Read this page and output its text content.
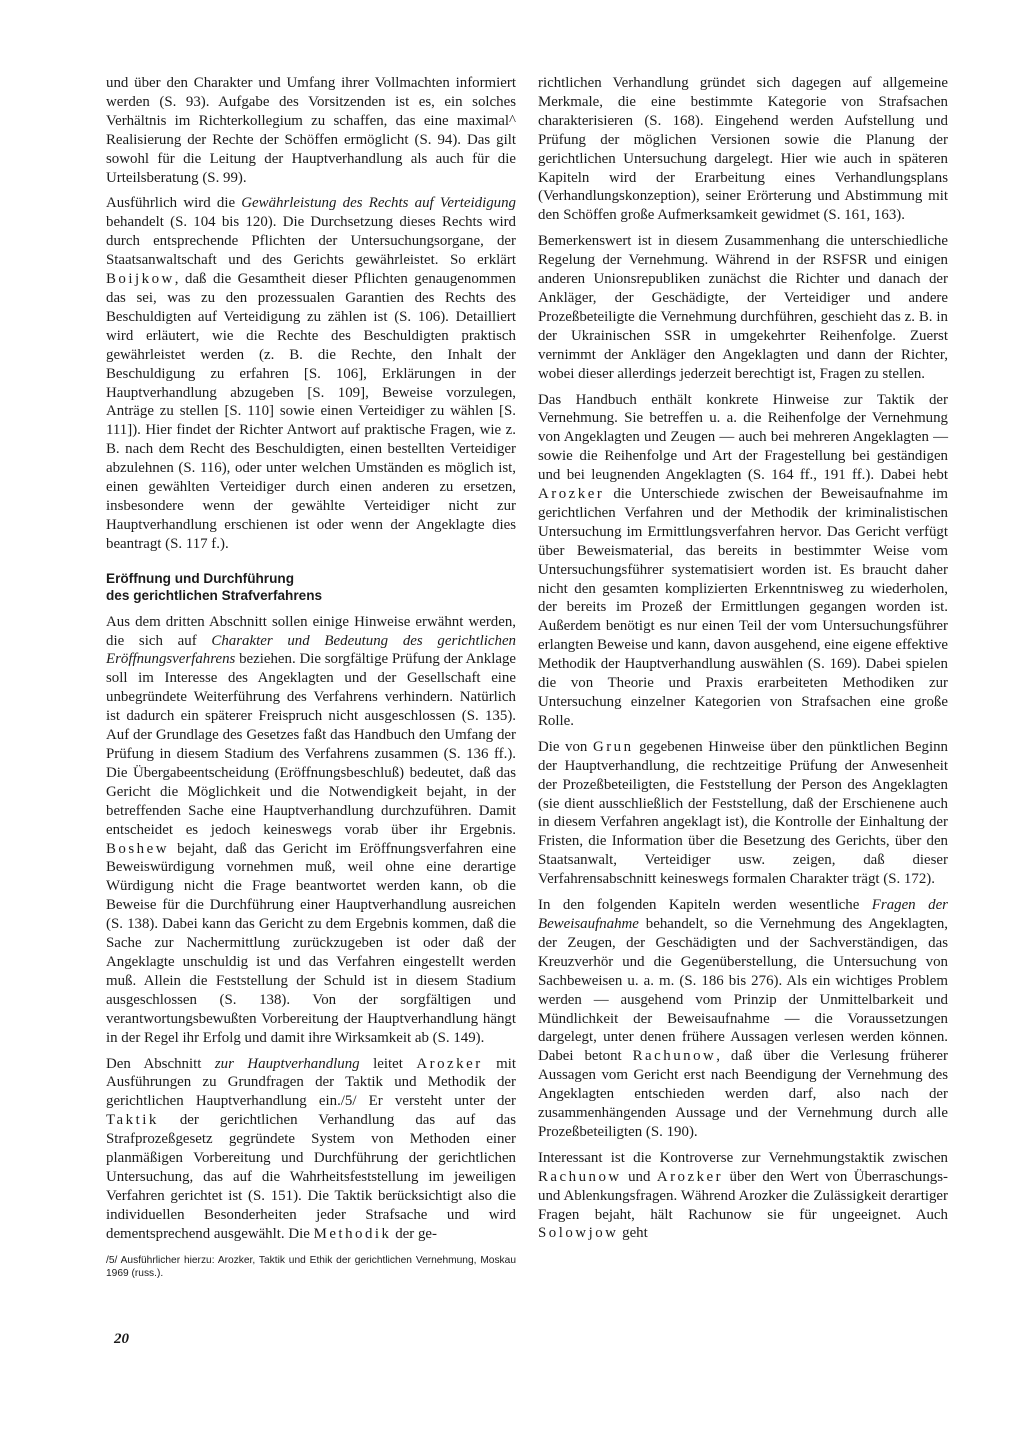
und über den Charakter und Umfang ihrer Vollmachten informiert werden (S. 93). Aufgabe des Vorsitzenden ist es, ein solches Verhältnis im Richterkollegium zu schaffen, das eine maximal^ Realisierung der Rechte der Schöffen ermöglicht (S. 94). Das gilt sowohl für die Leitung der Hauptverhandlung als auch für die Urteilsberatung (S. 99).

Ausführlich wird die Gewährleistung des Rechts auf Verteidigung behandelt (S. 104 bis 120). Die Durchsetzung dieses Rechts wird durch entsprechende Pflichten der Untersuchungsorgane, der Staatsanwaltschaft und des Gerichts gewährleistet. So erklärt Boijkow, daß die Gesamtheit dieser Pflichten genaugenommen das sei, was zu den prozessualen Garantien des Rechts des Beschuldigten auf Verteidigung zu zählen ist (S. 106). Detailliert wird erläutert, wie die Rechte des Beschuldigten praktisch gewährleistet werden (z. B. die Rechte, den Inhalt der Beschuldigung zu erfahren [S. 106], Erklärungen in der Hauptverhandlung abzugeben [S. 109], Beweise vorzulegen, Anträge zu stellen [S. 110] sowie einen Verteidiger zu wählen [S. 111]). Hier findet der Richter Antwort auf praktische Fragen, wie z. B. nach dem Recht des Beschuldigten, einen bestellten Verteidiger abzulehnen (S. 116), oder unter welchen Umständen es möglich ist, einen gewählten Verteidiger durch einen anderen zu ersetzen, insbesondere wenn der gewählte Verteidiger nicht zur Hauptverhandlung erschienen ist oder wenn der Angeklagte dies beantragt (S. 117 f.).

Eröffnung und Durchführung
des gerichtlichen Strafverfahrens

Aus dem dritten Abschnitt sollen einige Hinweise erwähnt werden, die sich auf Charakter und Bedeutung des gerichtlichen Eröffnungsverfahrens beziehen. Die sorgfältige Prüfung der Anklage soll im Interesse des Angeklagten und der Gesellschaft eine unbegründete Weiterführung des Verfahrens verhindern. Natürlich ist dadurch ein späterer Freispruch nicht ausgeschlossen (S. 135). Auf der Grundlage des Gesetzes faßt das Handbuch den Umfang der Prüfung in diesem Stadium des Verfahrens zusammen (S. 136 ff.). Die Übergabeentscheidung (Eröffnungsbeschluß) bedeutet, daß das Gericht die Möglichkeit und die Notwendigkeit bejaht, in der betreffenden Sache eine Hauptverhandlung durchzuführen. Damit entscheidet es jedoch keineswegs vorab über ihr Ergebnis. Boshew bejaht, daß das Gericht im Eröffnungsverfahren eine Beweiswürdigung vornehmen muß, weil ohne eine derartige Würdigung nicht die Frage beantwortet werden kann, ob die Beweise für die Durchführung einer Hauptverhandlung ausreichen (S. 138). Dabei kann das Gericht zu dem Ergebnis kommen, daß die Sache zur Nachermittlung zurückzugeben ist oder daß der Angeklagte unschuldig ist und das Verfahren eingestellt werden muß. Allein die Feststellung der Schuld ist in diesem Stadium ausgeschlossen (S. 138). Von der sorgfältigen und verantwortungsbewußten Vorbereitung der Hauptverhandlung hängt in der Regel ihr Erfolg und damit ihre Wirksamkeit ab (S. 149).

Den Abschnitt zur Hauptverhandlung leitet Arozker mit Ausführungen zu Grundfragen der Taktik und Methodik der gerichtlichen Hauptverhandlung ein./5/ Er versteht unter der Taktik der gerichtlichen Verhandlung das auf das Strafprozeßgesetz gegründete System von Methoden einer planmäßigen Vorbereitung und Durchführung der gerichtlichen Untersuchung, das auf die Wahrheitsfeststellung im jeweiligen Verfahren gerichtet ist (S. 151). Die Taktik berücksichtigt also die individuellen Besonderheiten jeder Strafsache und wird dementsprechend ausgewählt. Die Methodik der ge-

/5/ Ausführlicher hierzu: Arozker, Taktik und Ethik der gerichtlichen Vernehmung, Moskau 1969 (russ.).

richtlichen Verhandlung gründet sich dagegen auf allgemeine Merkmale, die eine bestimmte Kategorie von Strafsachen charakterisieren (S. 168). Eingehend werden Aufstellung und Prüfung der möglichen Versionen sowie die Planung der gerichtlichen Untersuchung dargelegt. Hier wie auch in späteren Kapiteln wird der Erarbeitung eines Verhandlungsplans (Verhandlungskonzeption), seiner Erörterung und Abstimmung mit den Schöffen große Aufmerksamkeit gewidmet (S. 161, 163).

Bemerkenswert ist in diesem Zusammenhang die unterschiedliche Regelung der Vernehmung. Während in der RSFSR und einigen anderen Unionsrepubliken zunächst die Richter und danach der Ankläger, der Geschädigte, der Verteidiger und andere Prozeßbeteiligte die Vernehmung durchführen, geschieht das z. B. in der Ukrainischen SSR in umgekehrter Reihenfolge. Zuerst vernimmt der Ankläger den Angeklagten und dann der Richter, wobei dieser allerdings jederzeit berechtigt ist, Fragen zu stellen.

Das Handbuch enthält konkrete Hinweise zur Taktik der Vernehmung. Sie betreffen u. a. die Reihenfolge der Vernehmung von Angeklagten und Zeugen — auch bei mehreren Angeklagten — sowie die Reihenfolge und Art der Fragestellung bei geständigen und bei leugnenden Angeklagten (S. 164 ff., 191 ff.). Dabei hebt Arozker die Unterschiede zwischen der Beweisaufnahme im gerichtlichen Verfahren und der Methodik der kriminalistischen Untersuchung im Ermittlungsverfahren hervor. Das Gericht verfügt über Beweismaterial, das bereits in bestimmter Weise vom Untersuchungsführer systematisiert worden ist. Es braucht daher nicht den gesamten komplizierten Erkenntnisweg zu wiederholen, der bereits im Prozeß der Ermittlungen gegangen worden ist. Außerdem benötigt es nur einen Teil der vom Untersuchungsführer erlangten Beweise und kann, davon ausgehend, eine eigene effektive Methodik der Hauptverhandlung auswählen (S. 169). Dabei spielen die von Theorie und Praxis erarbeiteten Methodiken zur Untersuchung einzelner Kategorien von Strafsachen eine große Rolle.

Die von Grun gegebenen Hinweise über den pünktlichen Beginn der Hauptverhandlung, die rechtzeitige Prüfung der Anwesenheit der Prozeßbeteiligten, die Feststellung der Person des Angeklagten (sie dient ausschließlich der Feststellung, daß der Erschienene auch in diesem Verfahren angeklagt ist), die Kontrolle der Einhaltung der Fristen, die Information über die Besetzung des Gerichts, über den Staatsanwalt, Verteidiger usw. zeigen, daß dieser Verfahrensabschnitt keineswegs formalen Charakter trägt (S. 172).

In den folgenden Kapiteln werden wesentliche Fragen der Beweisaufnahme behandelt, so die Vernehmung des Angeklagten, der Zeugen, der Geschädigten und der Sachverständigen, das Kreuzverhör und die Gegenüberstellung, die Untersuchung von Sachbeweisen u. a. m. (S. 186 bis 276). Als ein wichtiges Problem werden — ausgehend vom Prinzip der Unmittelbarkeit und Mündlichkeit der Beweisaufnahme — die Voraussetzungen dargelegt, unter denen frühere Aussagen verlesen werden können. Dabei betont Rachunow, daß über die Verlesung früherer Aussagen vom Gericht erst nach Beendigung der Vernehmung des Angeklagten entschieden werden darf, also nach der zusammenhängenden Aussage und der Vernehmung durch alle Prozeßbeteiligten (S. 190).

Interessant ist die Kontroverse zur Vernehmungstaktik zwischen Rachunow und Arozker über den Wert von Überraschungs- und Ablenkungsfragen. Während Arozker die Zulässigkeit derartiger Fragen bejaht, hält Rachunow sie für ungeeignet. Auch Solowjow geht

20
